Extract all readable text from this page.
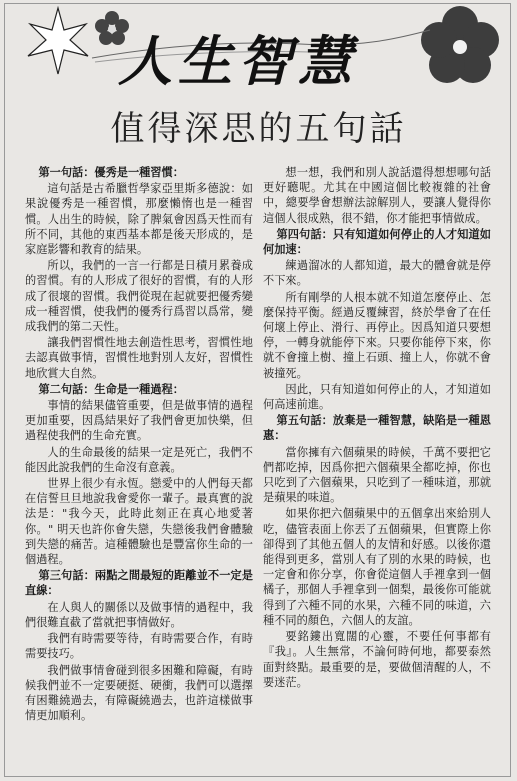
人生智慧
值得深思的五句話

第一句話：優秀是一種習慣：

這句話是古希臘哲學家亞里斯多德說：如果說優秀是一種習慣，那麼懶惰也是一種習慣。人出生的時候，除了脾氣會因爲天性而有所不同，其他的東西基本都是後天形成的，是家庭影響和教育的結果。

所以，我們的一言一行都是日積月累養成的習慣。有的人形成了很好的習慣，有的人形成了很壞的習慣。我們從現在起就要把優秀變成一種習慣，使我們的優秀行爲習以爲常，變成我們的第二天性。

讓我們習慣性地去創造性思考，習慣性地去認真做事情，習慣性地對別人友好，習慣性地欣賞大自然。

第二句話：生命是一種過程：

事情的結果儘管重要，但是做事情的過程更加重要，因爲結果好了我們會更加快樂，但過程使我們的生命充實。

人的生命最後的結果一定是死亡，我們不能因此說我們的生命沒有意義。

世界上很少有永恆。戀愛中的人們每天都在信誓旦旦地說我會愛你一輩子。最真實的說法是："我今天，此時此刻正在真心地愛著你。" 明天也許你會失戀，失戀後我們會體驗到失戀的痛苦。這種體驗也是豐富你生命的一個過程。

第三句話：兩點之間最短的距離並不一定是直線：

在人與人的關係以及做事情的過程中，我們很難直截了當就把事情做好。

我們有時需要等待，有時需要合作，有時需要技巧。

我們做事情會碰到很多困難和障礙，有時候我們並不一定要硬挺、硬衝，我們可以選擇有困難繞過去，有障礙繞過去，也許這樣做事情更加順利。

想一想，我們和別人說話還得想想哪句話更好聽呢。尤其在中國這個比較複雜的社會中，總要學會想辦法諒解別人，要讓人覺得你這個人很成熟，很不錯，你才能把事情做成。

第四句話：只有知道如何停止的人才知道如何加速：

練過溜冰的人都知道，最大的體會就是停不下來。

所有剛學的人根本就不知道怎麼停止、怎麼保持平衡。經過反覆練習，終於學會了在任何壞上停止、滑行、再停止。因爲知道只要想停，一轉身就能停下來。只要你能停下來，你就不會撞上樹、撞上石頭、撞上人，你就不會被撞死。

因此，只有知道如何停止的人，才知道如何高速前進。

第五句話：放棄是一種智慧，缺陷是一種恩惠：

當你擁有六個蘋果的時候，千萬不要把它們都吃掉，因爲你把六個蘋果全都吃掉，你也只吃到了六個蘋果，只吃到了一種味道，那就是蘋果的味道。

如果你把六個蘋果中的五個拿出來給別人吃，儘管表面上你丟了五個蘋果，但實際上你卻得到了其他五個人的友情和好感。以後你還能得到更多，當別人有了別的水果的時候，也一定會和你分享，你會從這個人手裡拿到一個橘子，那個人手裡拿到一個梨，最後你可能就得到了六種不同的水果，六種不同的味道，六種不同的顏色，六個人的友誼。

要銘鏤出寬闊的心靈，不要任何事都有『我』。人生無常，不論何時何地，都要泰然面對終點。最重要的是，要做個清醒的人，不要迷茫。
